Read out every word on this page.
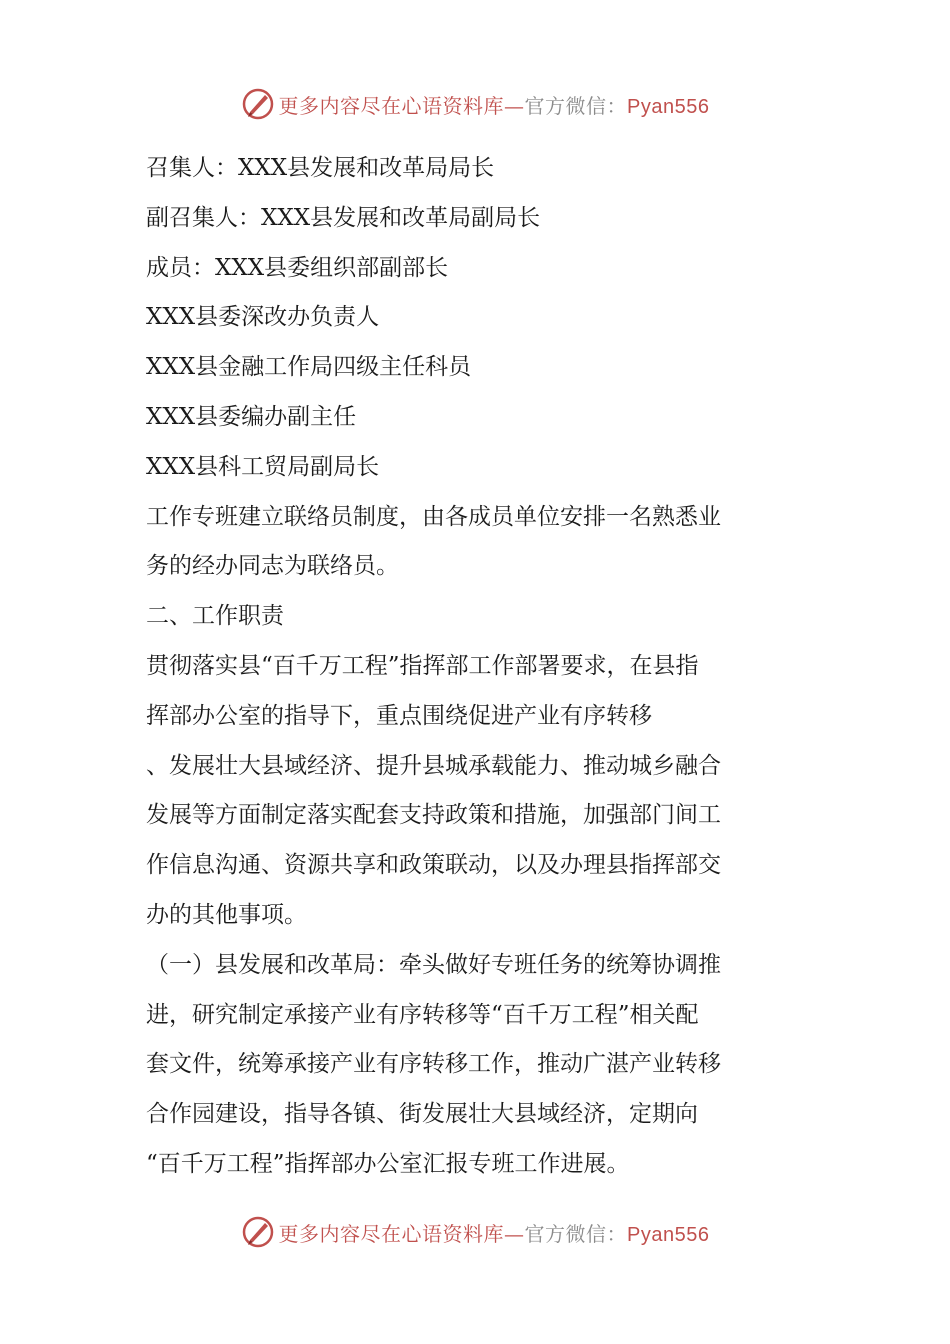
更多内容尽在心语资料库—官方微信：Pyan556
召集人：XXX县发展和改革局局长
副召集人：XXX县发展和改革局副局长
成员：XXX县委组织部副部长
XXX县委深改办负责人
XXX县金融工作局四级主任科员
XXX县委编办副主任
XXX县科工贸局副局长
工作专班建立联络员制度，由各成员单位安排一名熟悉业
务的经办同志为联络员。
二、工作职责
贯彻落实县“百千万工程”指挥部工作部署要求，在县指
挥部办公室的指导下，重点围绕促进产业有序转移
、发展壮大县域经济、提升县城承载能力、推动城乡融合
发展等方面制定落实配套支持政策和措施，加强部门间工
作信息沟通、资源共享和政策联动，以及办理县指挥部交
办的其他事项。
（一）县发展和改革局：牵头做好专班任务的统筹协调推
进，研究制定承接产业有序转移等“百千万工程”相关配
套文件，统筹承接产业有序转移工作，推动广湛产业转移
合作园建设，指导各镇、街发展壮大县域经济，定期向
“百千万工程”指挥部办公室汇报专班工作进展。
更多内容尽在心语资料库—官方微信：Pyan556
